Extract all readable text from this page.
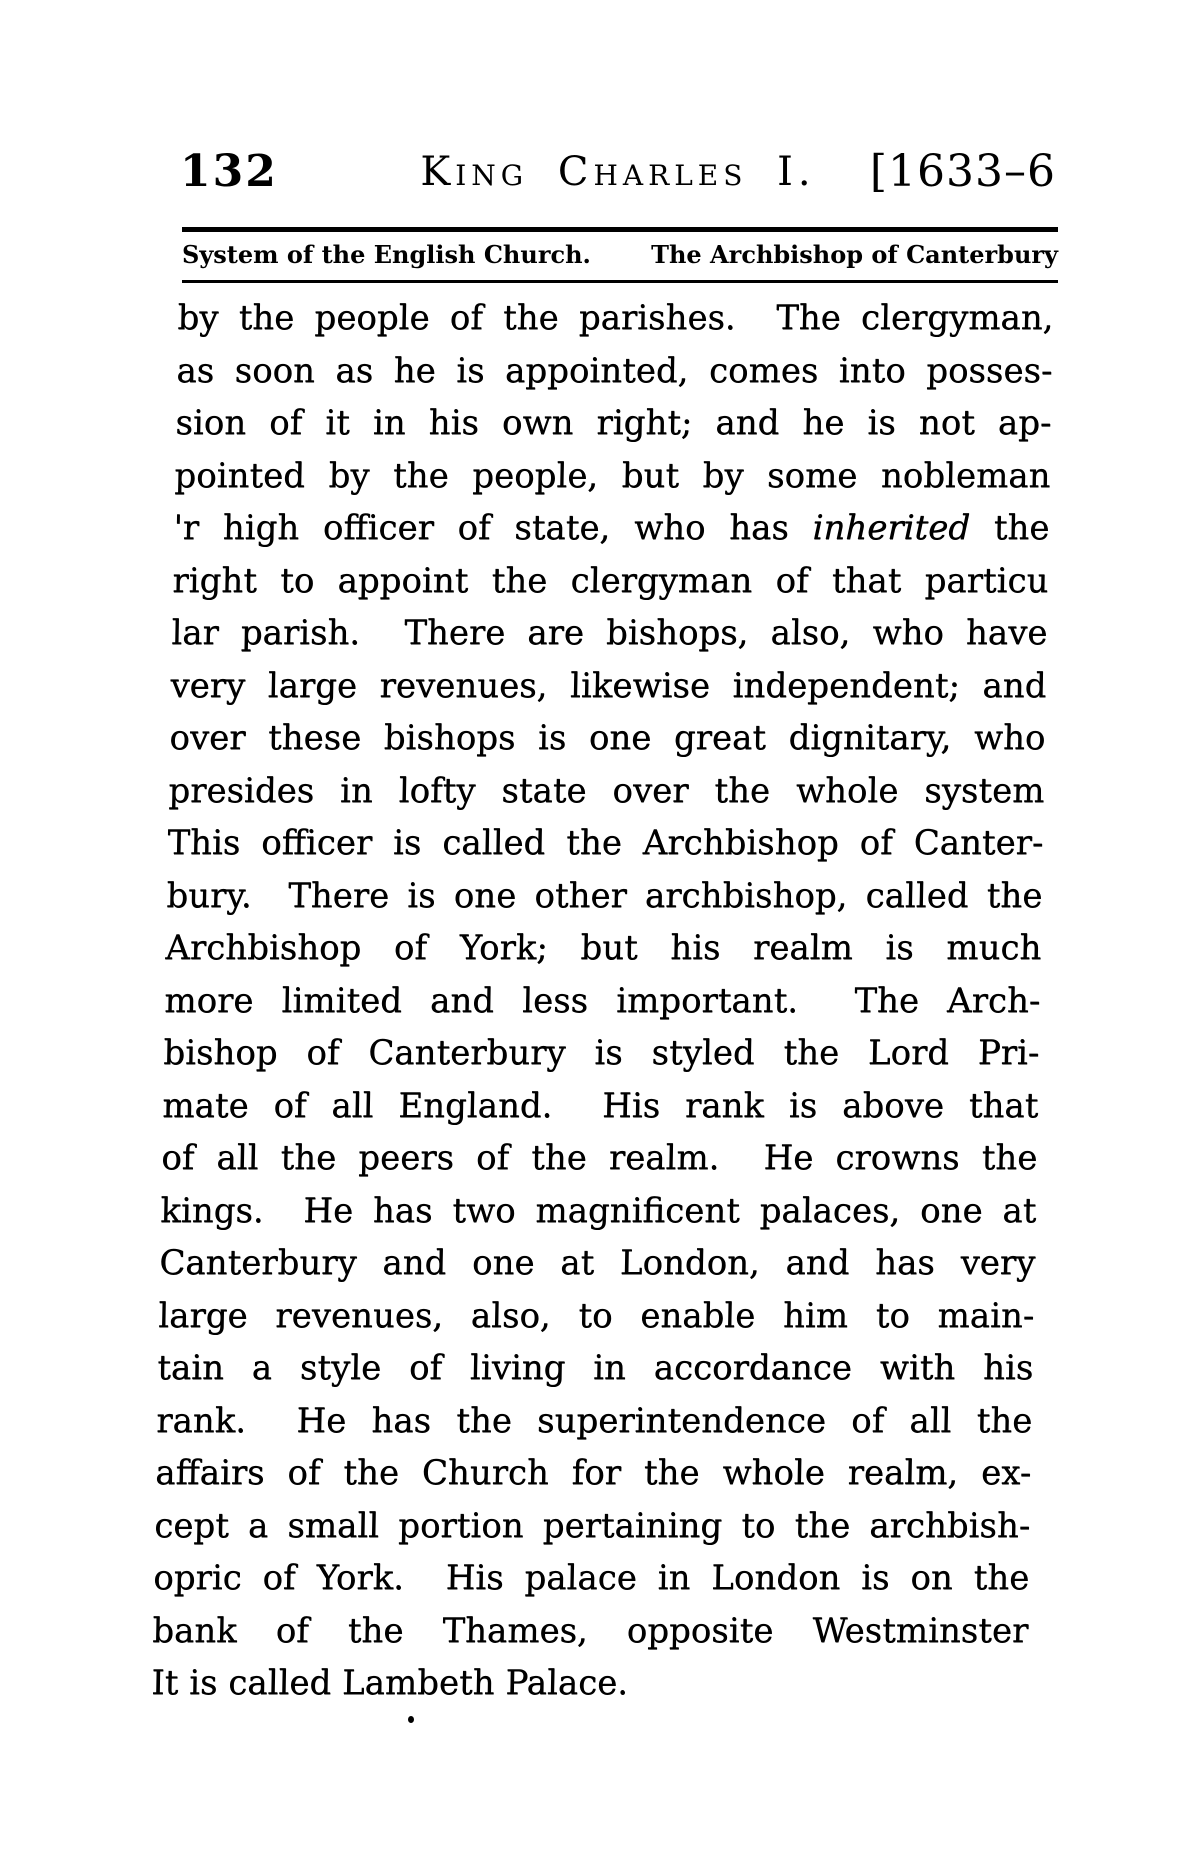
132	King Charles I. [1633–6
System of the English Church.	The Archbishop of Canterbury
by the people of the parishes.  The clergyman,
as soon as he is appointed, comes into posses-
sion of it in his own right; and he is not ap-
pointed by the people, but by some nobleman
'r high officer of state, who has inherited the
right to appoint the clergyman of that particu
lar parish.  There are bishops, also, who have
very large revenues, likewise independent; and
over these bishops is one great dignitary, who
presides in lofty state over the whole system
This officer is called the Archbishop of Canter-
bury.  There is one other archbishop, called the
Archbishop of York; but his realm is much
more limited and less important.  The Arch-
bishop of Canterbury is styled the Lord Pri-
mate of all England.  His rank is above that
of all the peers of the realm.  He crowns the
kings.  He has two magnificent palaces, one at
Canterbury and one at London, and has very
large revenues, also, to enable him to main-
tain a style of living in accordance with his
rank.  He has the superintendence of all the
affairs of the Church for the whole realm, ex-
cept a small portion pertaining to the archbish-
opric of York.  His palace in London is on the
bank of the Thames, opposite Westminster
It is called Lambeth Palace.
